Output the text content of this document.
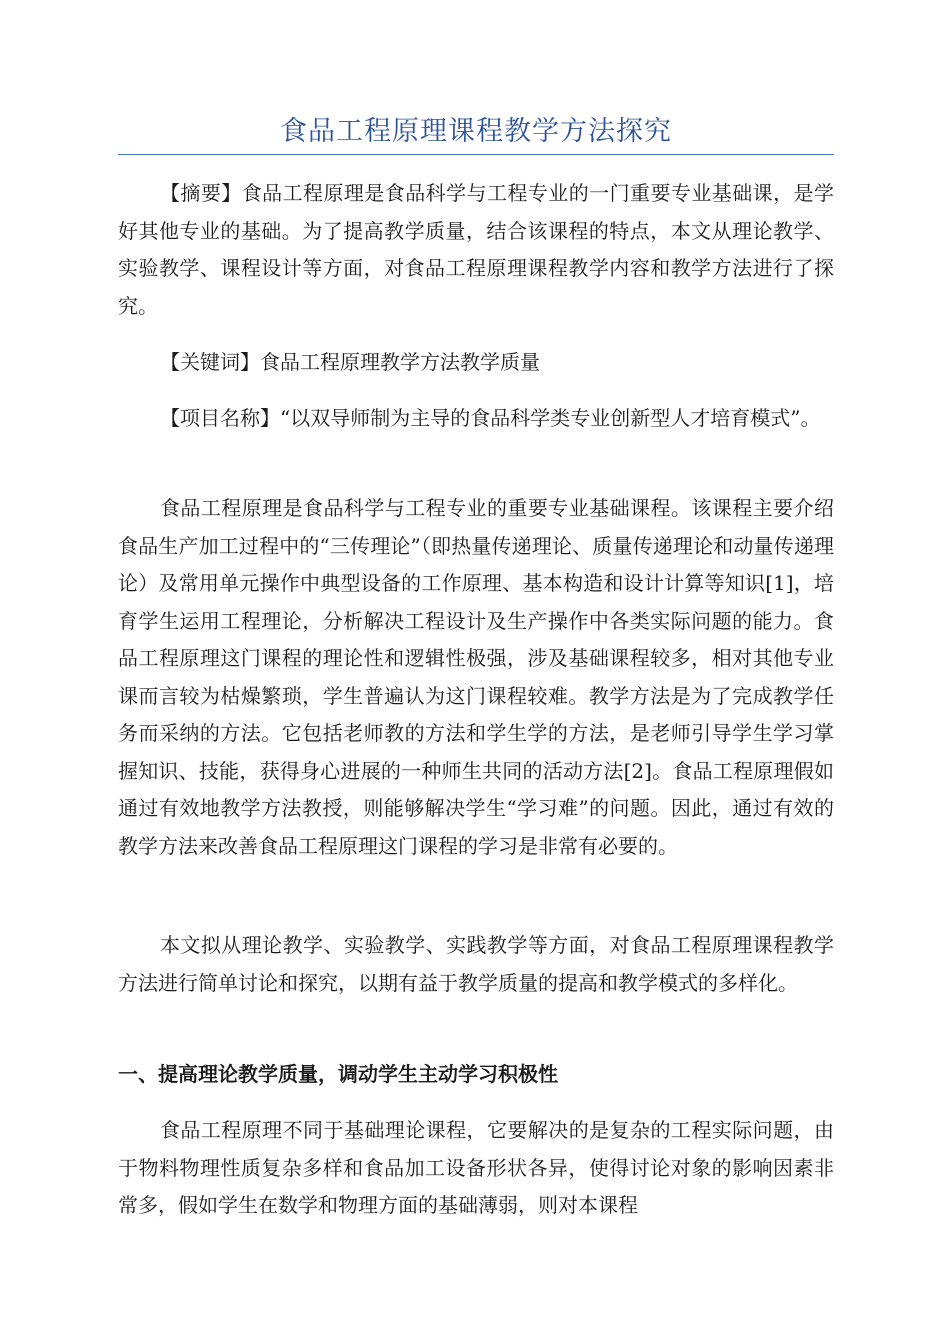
食品工程原理课程教学方法探究

【摘要】食品工程原理是食品科学与工程专业的一门重要专业基础课，是学好其他专业的基础。为了提高教学质量，结合该课程的特点，本文从理论教学、实验教学、课程设计等方面，对食品工程原理课程教学内容和教学方法进行了探究。

【关键词】食品工程原理教学方法教学质量

【项目名称】“以双导师制为主导的食品科学类专业创新型人才培育模式”。

食品工程原理是食品科学与工程专业的重要专业基础课程。该课程主要介绍食品生产加工过程中的“三传理论”（即热量传递理论、质量传递理论和动量传递理论）及常用单元操作中典型设备的工作原理、基本构造和设计计算等知识[1]，培育学生运用工程理论，分析解决工程设计及生产操作中各类实际问题的能力。食品工程原理这门课程的理论性和逻辑性极强，涉及基础课程较多，相对其他专业课而言较为枯燥繁琐，学生普遍认为这门课程较难。教学方法是为了完成教学任务而采纳的方法。它包括老师教的方法和学生学的方法，是老师引导学生学习掌握知识、技能，获得身心进展的一种师生共同的活动方法[2]。食品工程原理假如通过有效地教学方法教授，则能够解决学生“学习难”的问题。因此，通过有效的教学方法来改善食品工程原理这门课程的学习是非常有必要的。

本文拟从理论教学、实验教学、实践教学等方面，对食品工程原理课程教学方法进行简单讨论和探究，以期有益于教学质量的提高和教学模式的多样化。

一、提高理论教学质量，调动学生主动学习积极性

食品工程原理不同于基础理论课程，它要解决的是复杂的工程实际问题，由于物料物理性质复杂多样和食品加工设备形状各异，使得讨论对象的影响因素非常多，假如学生在数学和物理方面的基础薄弱，则对本课程
